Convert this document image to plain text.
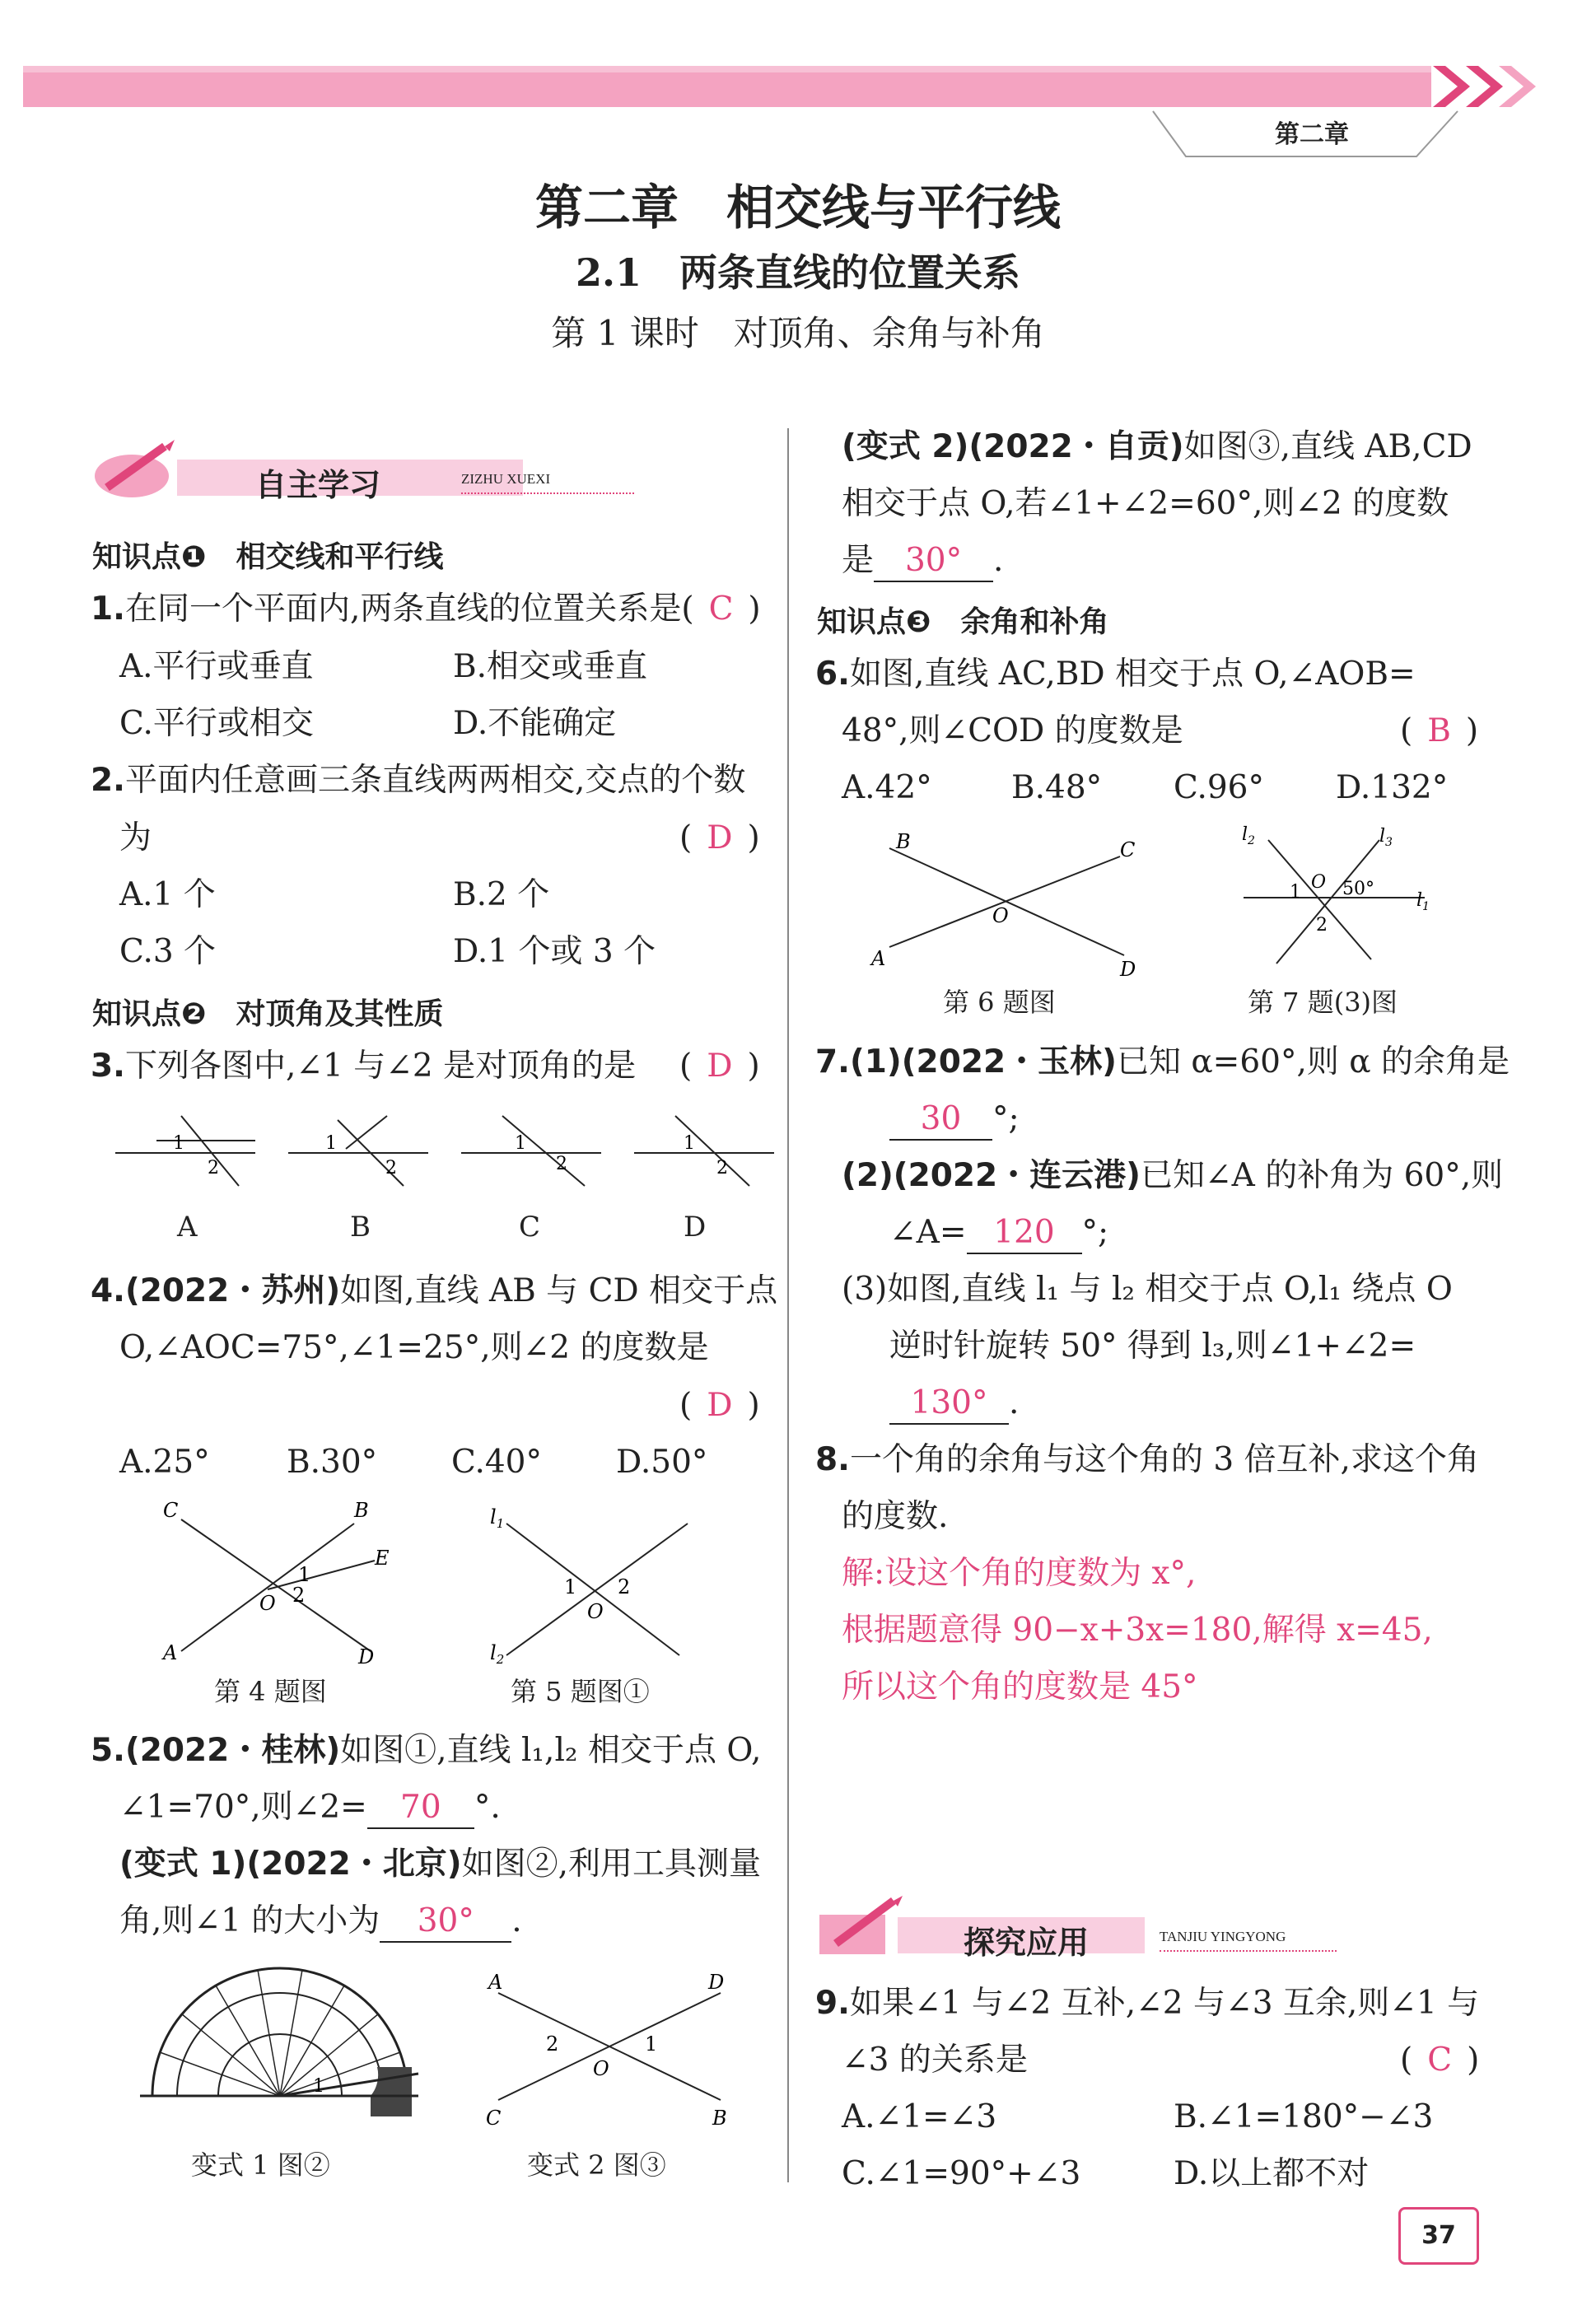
第二章
第二章　相交线与平行线
2.1　两条直线的位置关系
第 1 课时　对顶角、余角与补角
自主学习	ZIZHU XUEXI
知识点❶　相交线和平行线
1.在同一个平面内,两条直线的位置关系是( C )
A.平行或垂直	B.相交或垂直
C.平行或相交	D.不能确定
2.平面内任意画三条直线两两相交,交点的个数
为	( D )
A.1 个	B.2 个
C.3 个	D.1 个或 3 个
知识点❷　对顶角及其性质
3.下列各图中,∠1 与∠2 是对顶角的是 ( D )
1
2
1
2
1
2
1
2
A	B	C	D
4.(2022・苏州)如图,直线 AB 与 CD 相交于点
O,∠AOC=75°,∠1=25°,则∠2 的度数是
( D )
A.25° B.30° C.40° D.50°
C	B
E
A	D
O
1
2
第 4 题图
$l_1$
$l_2$
O
1 2
第 5 题图①
5.(2022・桂林)如图①,直线 l₁,l₂ 相交于点 O,
∠1=70°,则∠2= 70 °.
(变式 1)(2022・北京)如图②,利用工具测量
角,则∠1 的大小为 30° .
1
变式 1 图②
A	D
C	B
O
2	1
变式 2 图③
(变式 2)(2022・自贡)如图③,直线 AB,CD
相交于点 O,若∠1+∠2=60°,则∠2 的度数
是 30° .
知识点❸　余角和补角
6.如图,直线 AC,BD 相交于点 O,∠AOB=
48°,则∠COD 的度数是	( B )
A.42° B.48° C.96° D.132°
B	C
A	D
O
第 6 题图
$l_2$	$l_3$
$l_1$
O
1 50°
2
第 7 题(3)图
7.(1)(2022・玉林)已知 α=60°,则 α 的余角是
30 °;
(2)(2022・连云港)已知∠A 的补角为 60°,则
∠A= 120 °;
(3)如图,直线 l₁ 与 l₂ 相交于点 O,l₁ 绕点 O
逆时针旋转 50° 得到 l₃,则∠1+∠2=
130° .
8.一个角的余角与这个角的 3 倍互补,求这个角
的度数.
解:设这个角的度数为 x°,
根据题意得 90−x+3x=180,解得 x=45,
所以这个角的度数是 45°
探究应用	TANJIU YINGYONG
9.如果∠1 与∠2 互补,∠2 与∠3 互余,则∠1 与
∠3 的关系是	( C )
A.∠1=∠3	B.∠1=180°−∠3
C.∠1=90°+∠3	D.以上都不对
37
